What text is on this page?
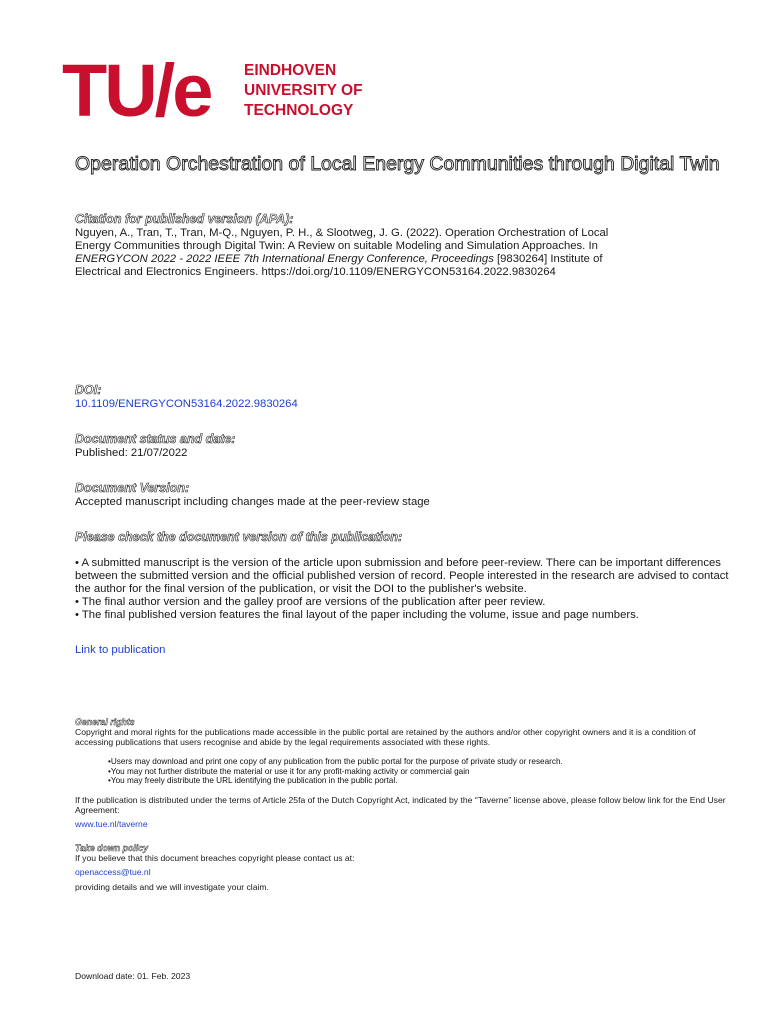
TU/e EINDHOVEN
UNIVERSITY OF
TECHNOLOGY
Operation Orchestration of Local Energy Communities through Digital Twin
Citation for published version (APA):
Nguyen, A., Tran, T., Tran, M-Q., Nguyen, P. H., & Slootweg, J. G. (2022). Operation Orchestration of Local
Energy Communities through Digital Twin: A Review on suitable Modeling and Simulation Approaches. In
ENERGYCON 2022 - 2022 IEEE 7th International Energy Conference, Proceedings [9830264] Institute of
Electrical and Electronics Engineers. https://doi.org/10.1109/ENERGYCON53164.2022.9830264
DOI:
10.1109/ENERGYCON53164.2022.9830264
Document status and date:
Published: 21/07/2022
Document Version:
Accepted manuscript including changes made at the peer-review stage
Please check the document version of this publication:
• A submitted manuscript is the version of the article upon submission and before peer-review. There can be important differences between the submitted version and the official published version of record. People interested in the research are advised to contact the author for the final version of the publication, or visit the DOI to the publisher's website.
• The final author version and the galley proof are versions of the publication after peer review.
• The final published version features the final layout of the paper including the volume, issue and page numbers.
Link to publication
General rights
Copyright and moral rights for the publications made accessible in the public portal are retained by the authors and/or other copyright owners and it is a condition of accessing publications that users recognise and abide by the legal requirements associated with these rights.
• Users may download and print one copy of any publication from the public portal for the purpose of private study or research.
• You may not further distribute the material or use it for any profit-making activity or commercial gain
• You may freely distribute the URL identifying the publication in the public portal.
If the publication is distributed under the terms of Article 25fa of the Dutch Copyright Act, indicated by the “Taverne” license above, please follow below link for the End User Agreement:
www.tue.nl/taverne
Take down policy
If you believe that this document breaches copyright please contact us at:
openaccess@tue.nl
providing details and we will investigate your claim.
Download date: 01. Feb. 2023
